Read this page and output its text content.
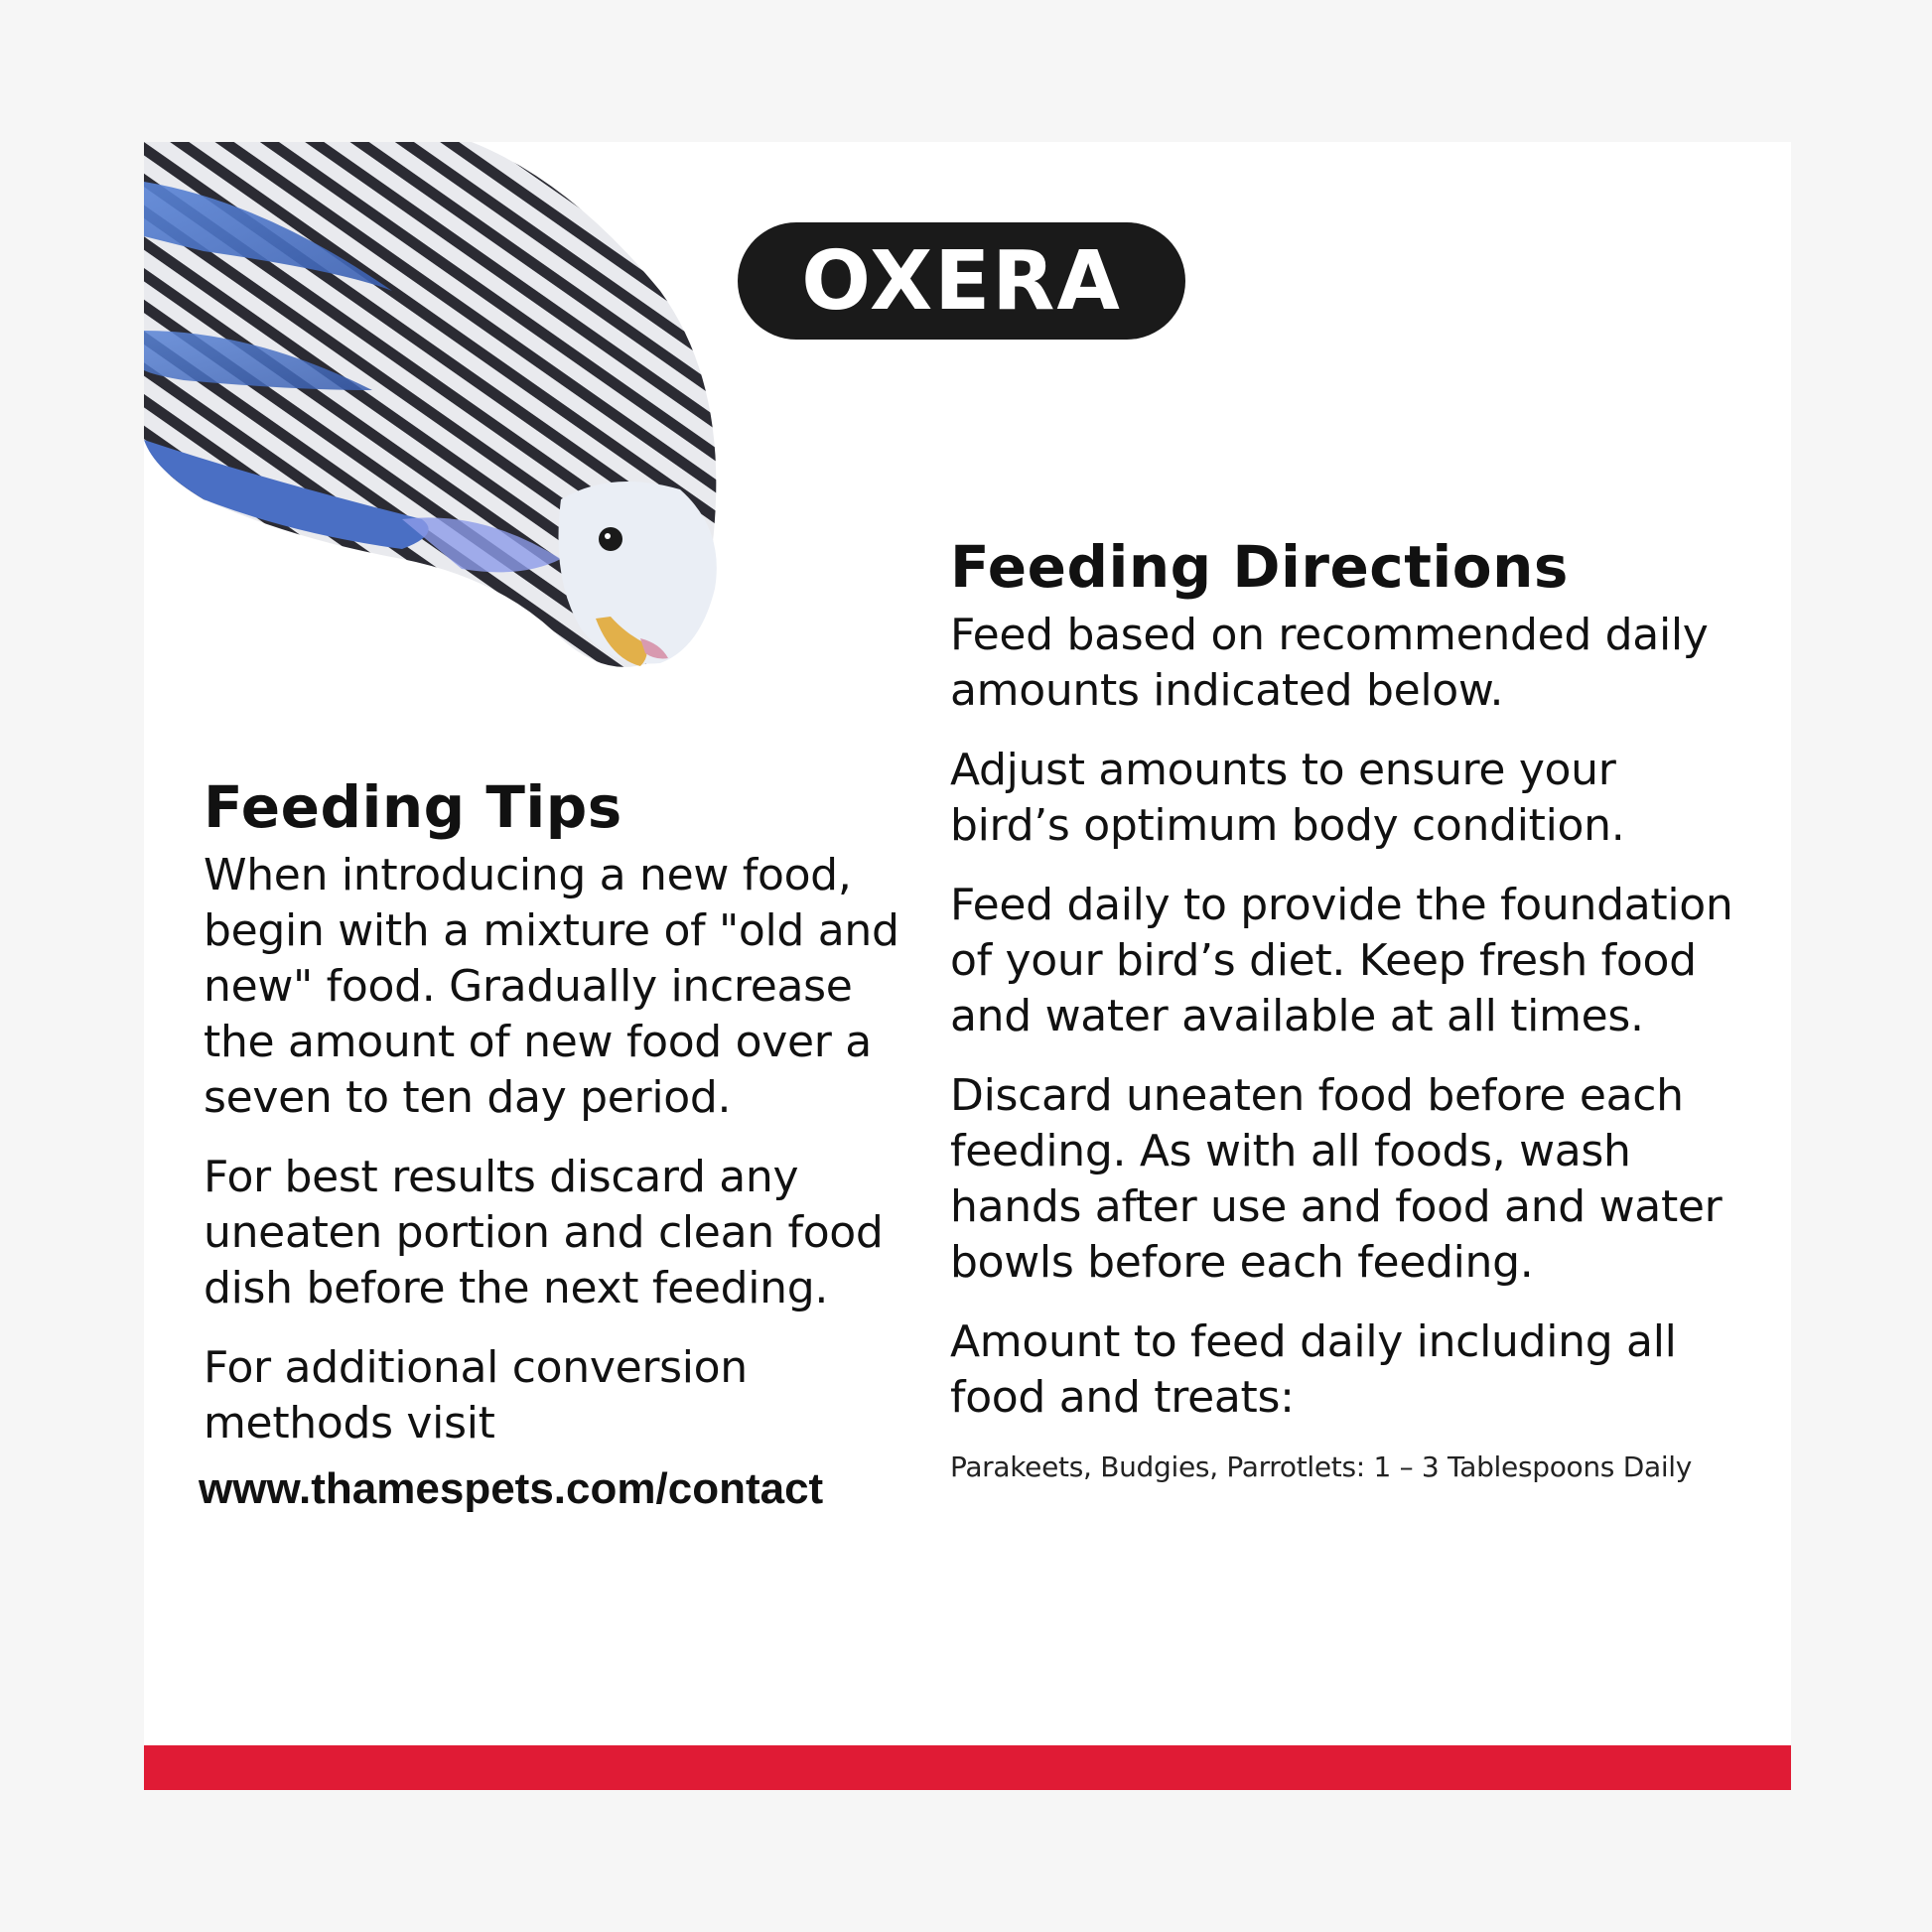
OXERA
Feeding Tips

When introducing a new food, begin with a mixture of "old and new" food. Gradually increase the amount of new food over a seven to ten day period.

For best results discard any uneaten portion and clean food dish before the next feeding.

For additional conversion methods visit

www.thamespets.com/contact
Feeding Directions

Feed based on recommended daily amounts indicated below.

Adjust amounts to ensure your bird’s optimum body condition.

Feed daily to provide the foundation of your bird’s diet. Keep fresh food and water available at all times.

Discard uneaten food before each feeding. As with all foods, wash hands after use and food and water bowls before each feeding.

Amount to feed daily including all food and treats:

Parakeets, Budgies, Parrotlets: 1 – 3 Tablespoons Daily
